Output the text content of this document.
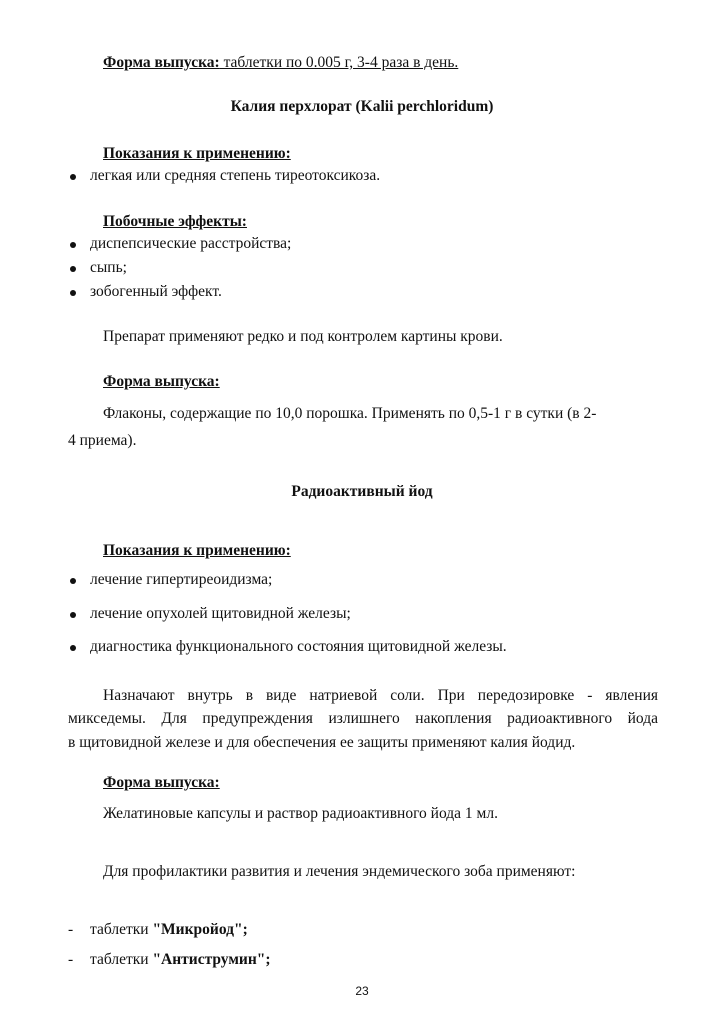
Форма выпуска: таблетки по 0.005 г, 3-4 раза в день.
Калия перхлорат (Kalii perchloridum)
Показания к применению:
легкая или средняя степень тиреотоксикоза.
Побочные эффекты:
диспепсические расстройства;
сыпь;
зобогенный эффект.
Препарат применяют редко и под контролем картины крови.
Форма выпуска:
Флаконы, содержащие по 10,0 порошка. Применять по 0,5-1 г в сутки (в 2-
4 приема).
Радиоактивный йод
Показания к применению:
лечение гипертиреоидизма;
лечение опухолей щитовидной железы;
диагностика функционального состояния щитовидной железы.
Назначают внутрь в виде натриевой соли. При передозировке - явления
микседемы. Для предупреждения излишнего накопления радиоактивного йода
в щитовидной железе и для обеспечения ее защиты применяют калия йодид.
Форма выпуска:
Желатиновые капсулы и раствор радиоактивного йода 1 мл.
Для профилактики развития и лечения эндемического зоба применяют:
- таблетки "Микройод";
- таблетки "Антиструмин";
23
